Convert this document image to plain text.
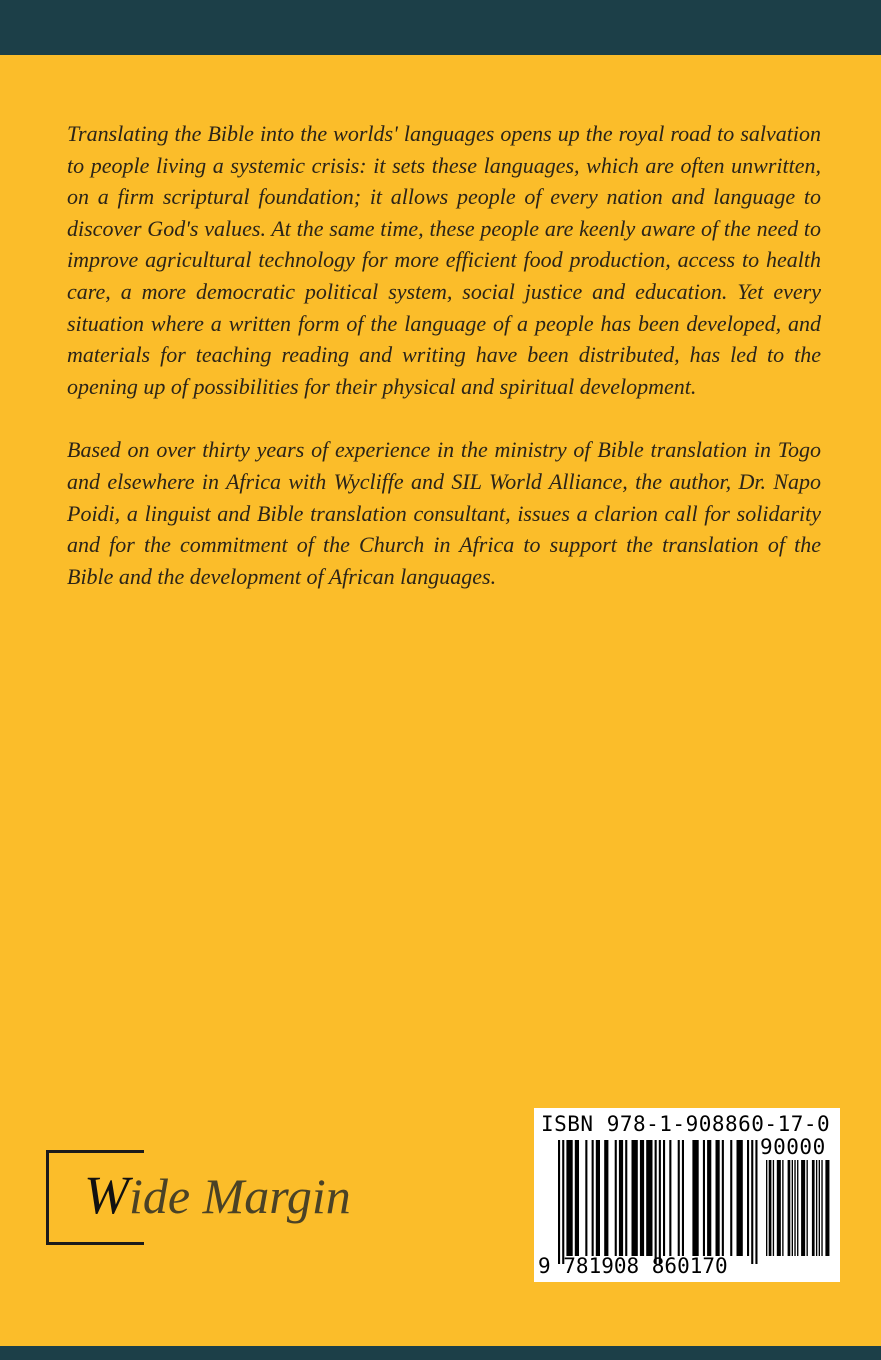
Translating the Bible into the worlds' languages opens up the royal road to salvation to people living a systemic crisis: it sets these languages, which are often unwritten, on a firm scriptural foundation; it allows people of every nation and language to discover God's values. At the same time, these people are keenly aware of the need to improve agricultural technology for more efficient food production, access to health care, a more democratic political system, social justice and education. Yet every situation where a written form of the language of a people has been developed, and materials for teaching reading and writing have been distributed, has led to the opening up of possibilities for their physical and spiritual development.

Based on over thirty years of experience in the ministry of Bible translation in Togo and elsewhere in Africa with Wycliffe and SIL World Alliance, the author, Dr. Napo Poidi, a linguist and Bible translation consultant, issues a clarion call for solidarity and for the commitment of the Church in Africa to support the translation of the Bible and the development of African languages.

Wide Margin
ISBN 978-1-908860-17-0
90000
9 781908 860170
